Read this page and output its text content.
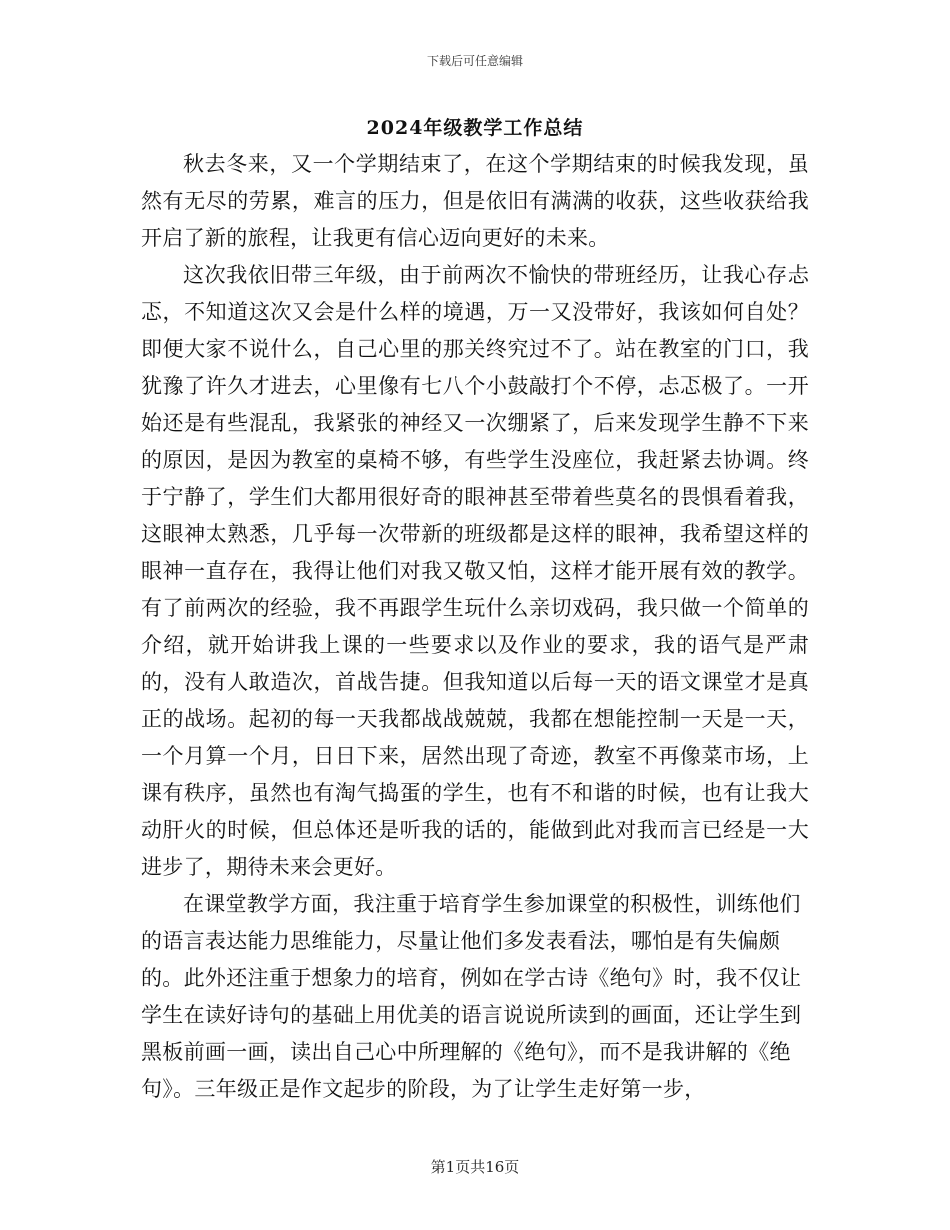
下载后可任意编辑
2024年级教学工作总结

秋去冬来，又一个学期结束了，在这个学期结束的时候我发现，虽然有无尽的劳累，难言的压力，但是依旧有满满的收获，这些收获给我开启了新的旅程，让我更有信心迈向更好的未来。

这次我依旧带三年级，由于前两次不愉快的带班经历，让我心存忐忑，不知道这次又会是什么样的境遇，万一又没带好，我该如何自处？即便大家不说什么，自己心里的那关终究过不了。站在教室的门口，我犹豫了许久才进去，心里像有七八个小鼓敲打个不停，忐忑极了。一开始还是有些混乱，我紧张的神经又一次绷紧了，后来发现学生静不下来的原因，是因为教室的桌椅不够，有些学生没座位，我赶紧去协调。终于宁静了，学生们大都用很好奇的眼神甚至带着些莫名的畏惧看着我，这眼神太熟悉，几乎每一次带新的班级都是这样的眼神，我希望这样的眼神一直存在，我得让他们对我又敬又怕，这样才能开展有效的教学。有了前两次的经验，我不再跟学生玩什么亲切戏码，我只做一个简单的介绍，就开始讲我上课的一些要求以及作业的要求，我的语气是严肃的，没有人敢造次，首战告捷。但我知道以后每一天的语文课堂才是真正的战场。起初的每一天我都战战兢兢，我都在想能控制一天是一天，一个月算一个月，日日下来，居然出现了奇迹，教室不再像菜市场，上课有秩序，虽然也有淘气捣蛋的学生，也有不和谐的时候，也有让我大动肝火的时候，但总体还是听我的话的，能做到此对我而言已经是一大进步了，期待未来会更好。

在课堂教学方面，我注重于培育学生参加课堂的积极性，训练他们的语言表达能力思维能力，尽量让他们多发表看法，哪怕是有失偏颇的。此外还注重于想象力的培育，例如在学古诗《绝句》时，我不仅让学生在读好诗句的基础上用优美的语言说说所读到的画面，还让学生到黑板前画一画，读出自己心中所理解的《绝句》，而不是我讲解的《绝句》。三年级正是作文起步的阶段，为了让学生走好第一步，

第1页共16页
